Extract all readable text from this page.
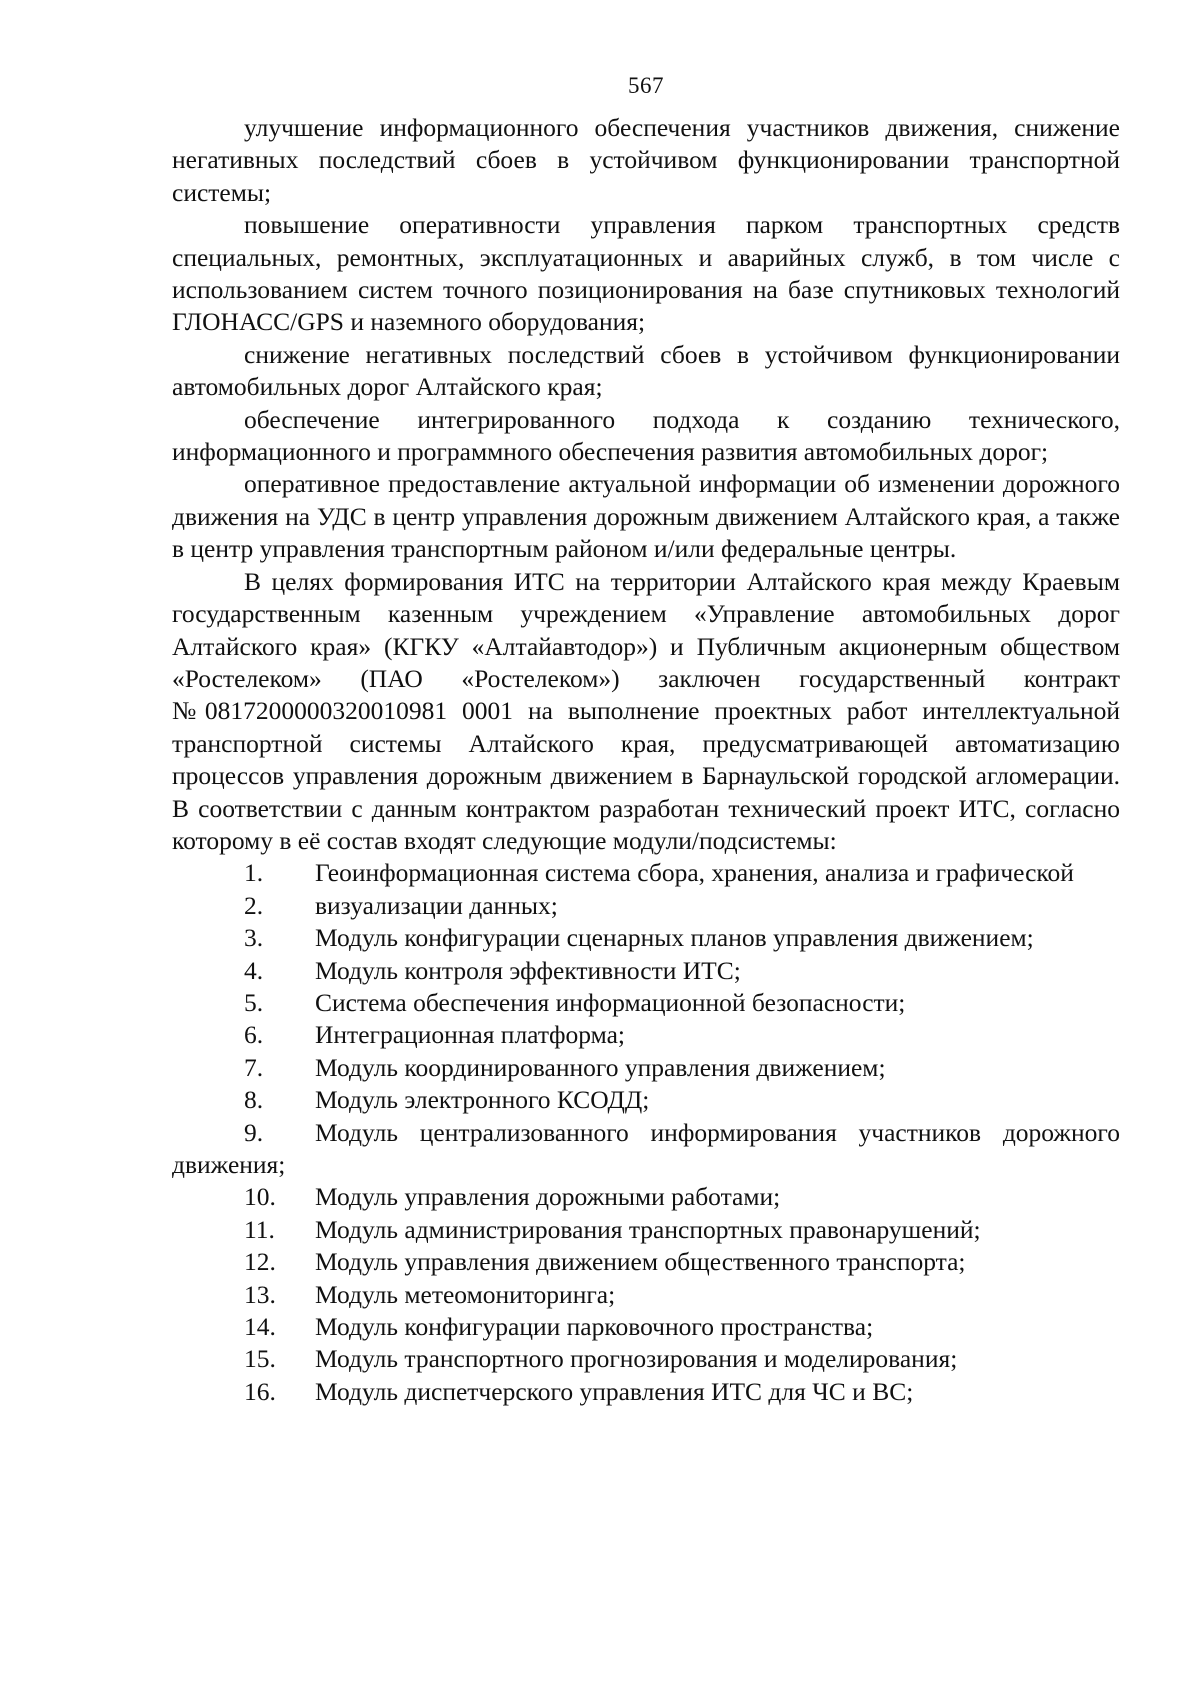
567

улучшение информационного обеспечения участников движения, снижение негативных последствий сбоев в устойчивом функционировании транспортной системы;

повышение оперативности управления парком транспортных средств специальных, ремонтных, эксплуатационных и аварийных служб, в том числе с использованием систем точного позиционирования на базе спутниковых технологий ГЛОНАСС/GPS и наземного оборудования;

снижение негативных последствий сбоев в устойчивом функционировании автомобильных дорог Алтайского края;

обеспечение интегрированного подхода к созданию технического, информационного и программного обеспечения развития автомобильных дорог;

оперативное предоставление актуальной информации об изменении дорожного движения на УДС в центр управления дорожным движением Алтайского края, а также в центр управления транспортным районом и/или федеральные центры.

В целях формирования ИТС на территории Алтайского края между Краевым государственным казенным учреждением «Управление автомобильных дорог Алтайского края» (КГКУ «Алтайавтодор») и Публичным акционерным обществом «Ростелеком» (ПАО «Ростелеком») заключен государственный контракт №0817200000320010981 0001 на выполнение проектных работ интеллектуальной транспортной системы Алтайского края, предусматривающей автоматизацию процессов управления дорожным движением в Барнаульской городской агломерации. В соответствии с данным контрактом разработан технический проект ИТС, согласно которому в её состав входят следующие модули/подсистемы:

1. Геоинформационная система сбора, хранения, анализа и графической
2. визуализации данных;
3. Модуль конфигурации сценарных планов управления движением;
4. Модуль контроля эффективности ИТС;
5. Система обеспечения информационной безопасности;
6. Интеграционная платформа;
7. Модуль координированного управления движением;
8. Модуль электронного КСОДД;
9. Модуль централизованного информирования участников дорожного движения;
10. Модуль управления дорожными работами;
11. Модуль администрирования транспортных правонарушений;
12. Модуль управления движением общественного транспорта;
13. Модуль метеомониторинга;
14. Модуль конфигурации парковочного пространства;
15. Модуль транспортного прогнозирования и моделирования;
16. Модуль диспетчерского управления ИТС для ЧС и ВС;
